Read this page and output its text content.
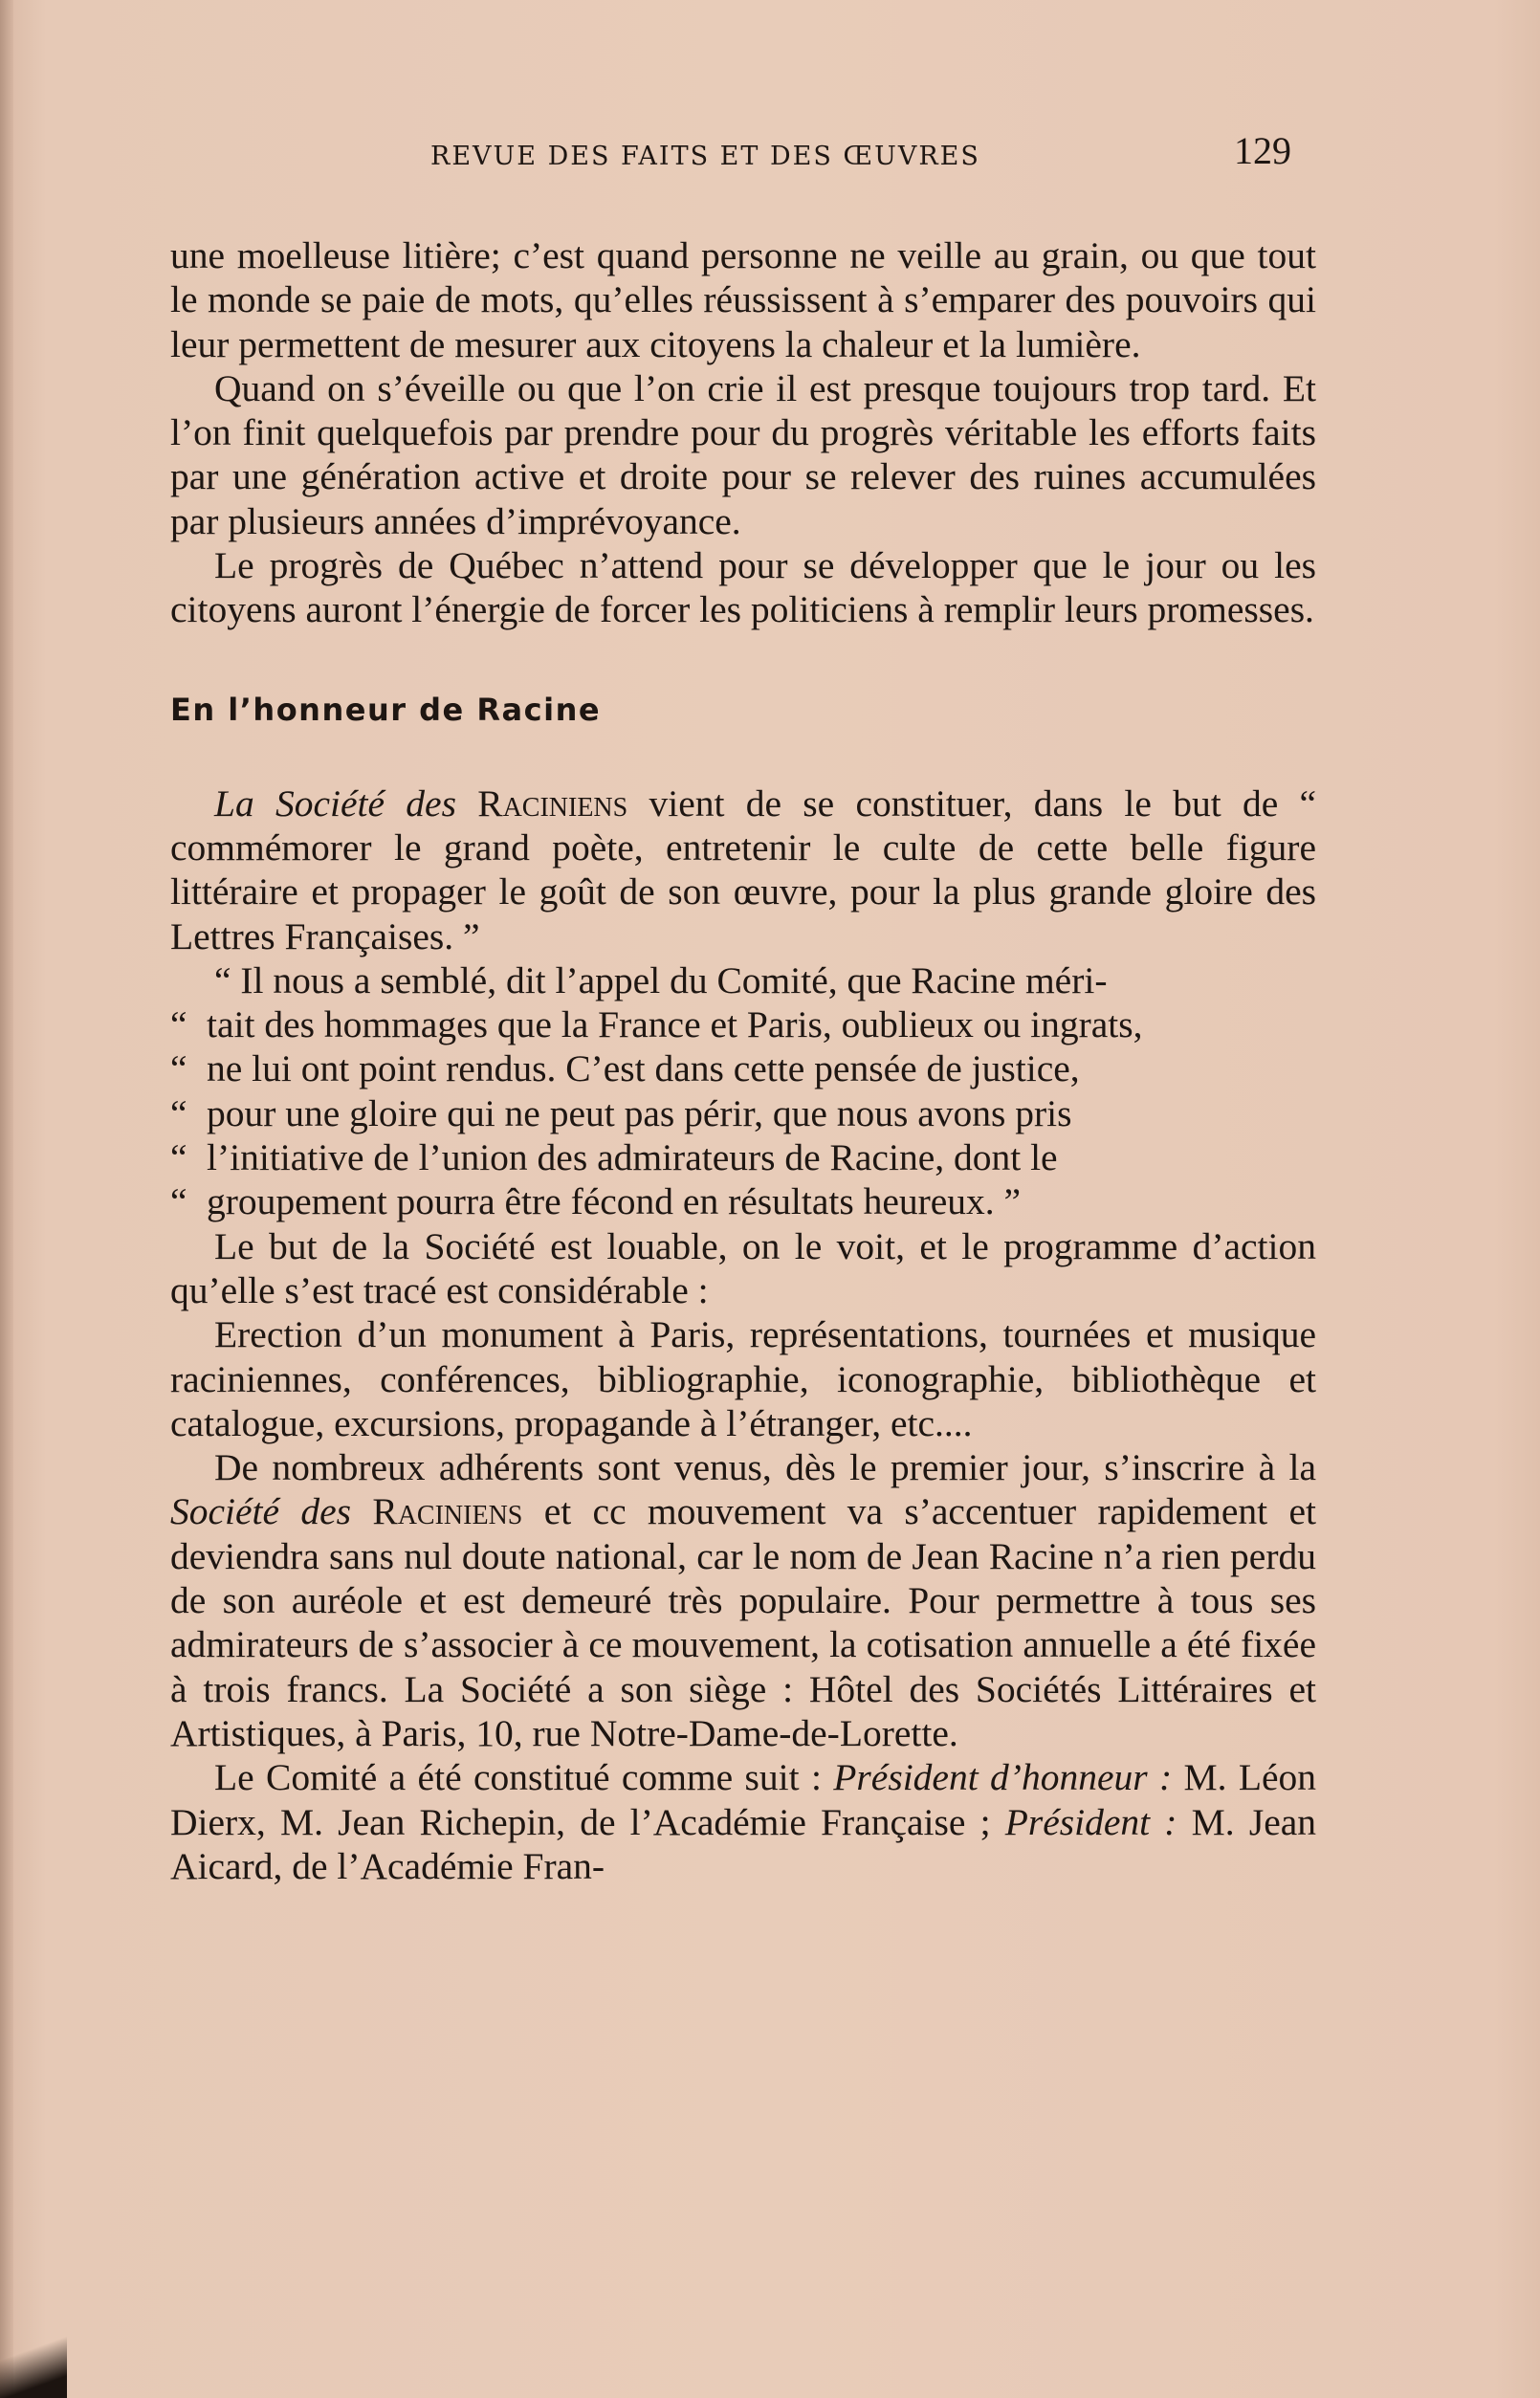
REVUE DES FAITS ET DES ŒUVRES	129

une moelleuse litière; c’est quand personne ne veille au grain, ou que tout le monde se paie de mots, qu’elles réussissent à s’emparer des pouvoirs qui leur permettent de mesurer aux citoyens la chaleur et la lumière.

Quand on s’éveille ou que l’on crie il est presque toujours trop tard. Et l’on finit quelquefois par prendre pour du progrès véritable les efforts faits par une génération active et droite pour se relever des ruines accumulées par plusieurs années d’imprévoyance.

Le progrès de Québec n’attend pour se développer que le jour ou les citoyens auront l’énergie de forcer les politiciens à remplir leurs promesses.

En l’honneur de Racine

La Société des Raciniens vient de se constituer, dans le but de “ commémorer le grand poète, entretenir le culte de cette belle figure littéraire et propager le goût de son œuvre, pour la plus grande gloire des Lettres Françaises. ”

“ Il nous a semblé, dit l’appel du Comité, que Racine méri-
“ tait des hommages que la France et Paris, oublieux ou ingrats,
“ ne lui ont point rendus. C’est dans cette pensée de justice,
“ pour une gloire qui ne peut pas périr, que nous avons pris
“ l’initiative de l’union des admirateurs de Racine, dont le
“ groupement pourra être fécond en résultats heureux. ”

Le but de la Société est louable, on le voit, et le programme d’action qu’elle s’est tracé est considérable :

Erection d’un monument à Paris, représentations, tournées et musique raciniennes, conférences, bibliographie, iconographie, bibliothèque et catalogue, excursions, propagande à l’étranger, etc....

De nombreux adhérents sont venus, dès le premier jour, s’inscrire à la Société des Raciniens et cc mouvement va s’accentuer rapidement et deviendra sans nul doute national, car le nom de Jean Racine n’a rien perdu de son auréole et est demeuré très populaire. Pour permettre à tous ses admirateurs de s’associer à ce mouvement, la cotisation annuelle a été fixée à trois francs. La Société a son siège : Hôtel des Sociétés Littéraires et Artistiques, à Paris, 10, rue Notre-Dame-de-Lorette.

Le Comité a été constitué comme suit : Président d’honneur : M. Léon Dierx, M. Jean Richepin, de l’Académie Française ; Président : M. Jean Aicard, de l’Académie Fran-
